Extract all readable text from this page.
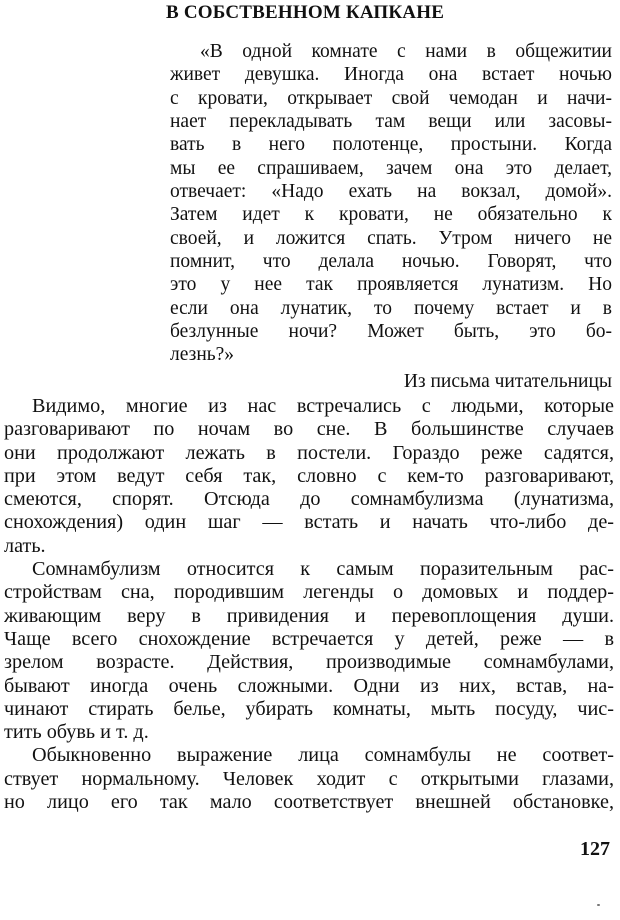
В СОБСТВЕННОМ КАПКАНЕ
«В одной комнате с нами в общежитии
живет девушка. Иногда она встает ночью
с кровати, открывает свой чемодан и начи-
нает перекладывать там вещи или засовы-
вать в него полотенце, простыни. Когда
мы ее спрашиваем, зачем она это делает,
отвечает: «Надо ехать на вокзал, домой».
Затем идет к кровати, не обязательно к
своей, и ложится спать. Утром ничего не
помнит, что делала ночью. Говорят, что
это у нее так проявляется лунатизм. Но
если она лунатик, то почему встает и в
безлунные ночи? Может быть, это бо-
лезнь?»
Из письма читательницы
Видимо, многие из нас встречались с людьми, которые
разговаривают по ночам во сне. В большинстве случаев
они продолжают лежать в постели. Гораздо реже садятся,
при этом ведут себя так, словно с кем-то разговаривают,
смеются, спорят. Отсюда до сомнамбулизма (лунатизма,
снохождения) один шаг — встать и начать что-либо де-
лать.
Сомнамбулизм относится к самым поразительным рас-
стройствам сна, породившим легенды о домовых и поддер-
живающим веру в привидения и перевоплощения души.
Чаще всего снохождение встречается у детей, реже — в
зрелом возрасте. Действия, производимые сомнамбулами,
бывают иногда очень сложными. Одни из них, встав, на-
чинают стирать белье, убирать комнаты, мыть посуду, чис-
тить обувь и т. д.
Обыкновенно выражение лица сомнамбулы не соответ-
ствует нормальному. Человек ходит с открытыми глазами,
но лицо его так мало соответствует внешней обстановке,
127
